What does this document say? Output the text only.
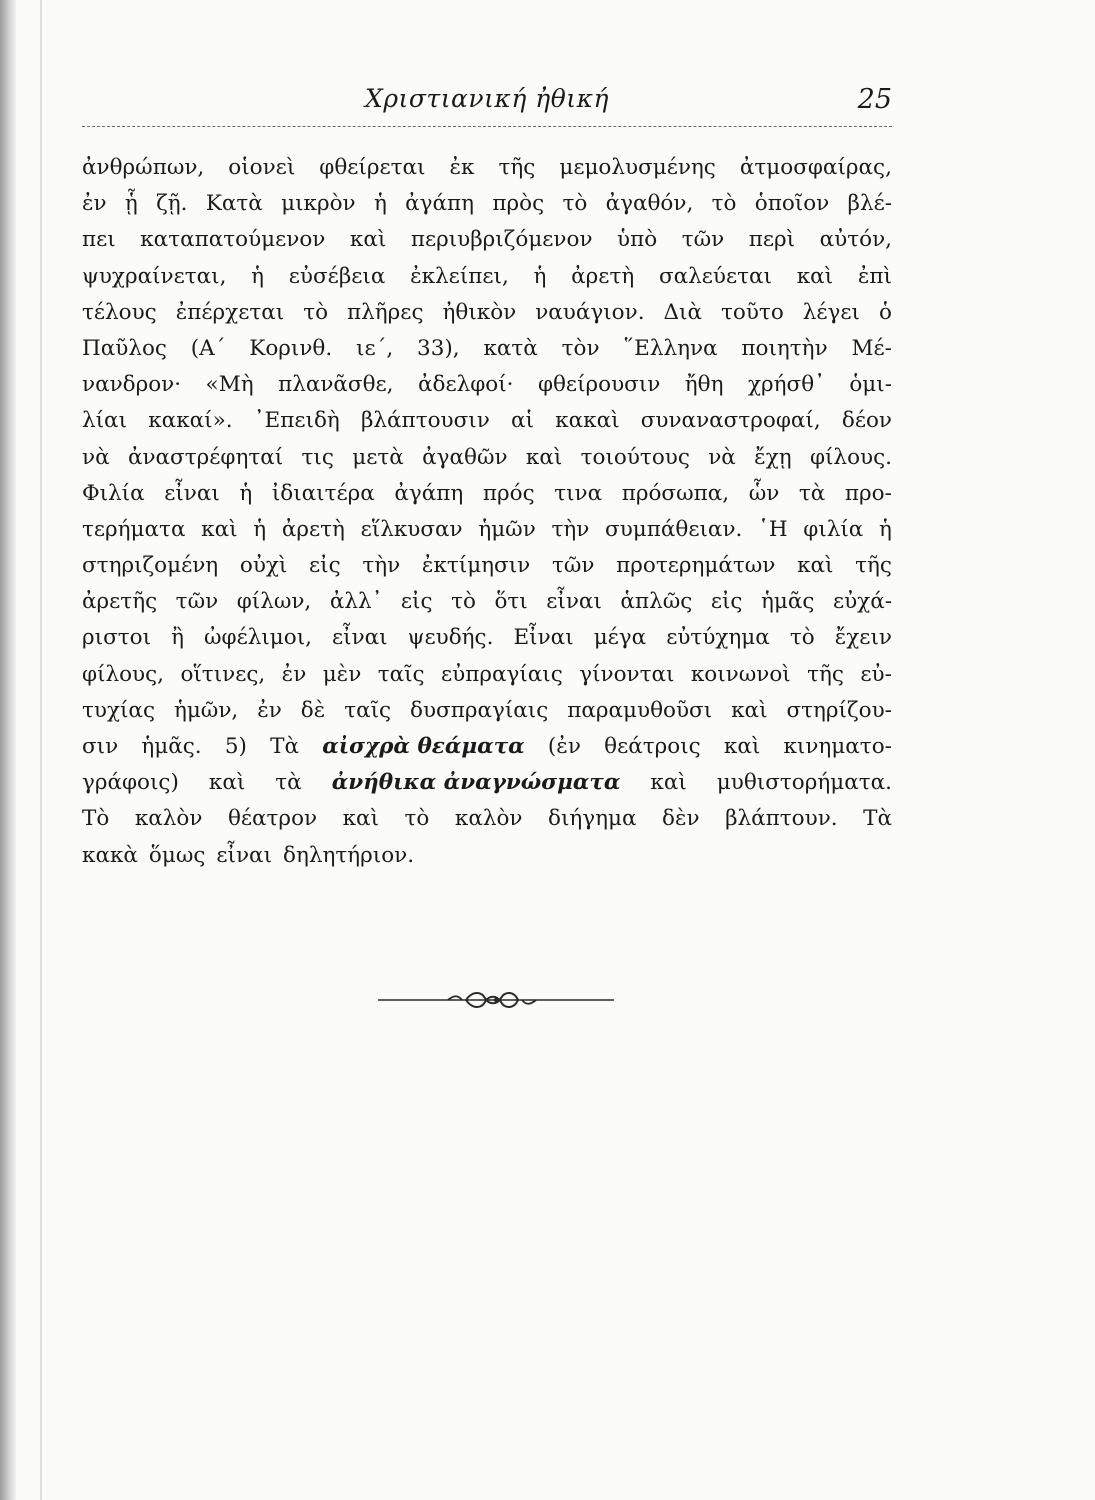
Χριστιανική ἠθική	25
ἀνθρώπων, οἱονεὶ φθείρεται ἐκ τῆς μεμολυσμένης ἀτμοσφαίρας,
ἐν ᾗ ζῇ. Κατὰ μικρὸν ἡ ἀγάπη πρὸς τὸ ἀγαθόν, τὸ ὁποῖον βλέ-
πει καταπατούμενον καὶ περιυβριζόμενον ὑπὸ τῶν περὶ αὐτόν,
ψυχραίνεται, ἡ εὐσέβεια ἐκλείπει, ἡ ἀρετὴ σαλεύεται καὶ ἐπὶ
τέλους ἐπέρχεται τὸ πλῆρες ἠθικὸν ναυάγιον. Διὰ τοῦτο λέγει ὁ
Παῦλος (Α΄ Κορινθ. ιε΄, 33), κατὰ τὸν ῞Ελληνα ποιητὴν Μέ-
νανδρον· «Μὴ πλανᾶσθε, ἀδελφοί· φθείρουσιν ἤθη χρήσθ᾿ ὁμι-
λίαι κακαί». ᾿Επειδὴ βλάπτουσιν αἱ κακαὶ συναναστροφαί, δέον
νὰ ἀναστρέφηταί τις μετὰ ἀγαθῶν καὶ τοιούτους νὰ ἔχῃ φίλους.
Φιλία εἶναι ἡ ἰδιαιτέρα ἀγάπη πρός τινα πρόσωπα, ὧν τὰ προ-
τερήματα καὶ ἡ ἀρετὴ εἵλκυσαν ἡμῶν τὴν συμπάθειαν. ῾Η φιλία ἡ
στηριζομένη οὐχὶ εἰς τὴν ἐκτίμησιν τῶν προτερημάτων καὶ τῆς
ἀρετῆς τῶν φίλων, ἀλλ᾿ εἰς τὸ ὅτι εἶναι ἁπλῶς εἰς ἡμᾶς εὐχά-
ριστοι ἢ ὠφέλιμοι, εἶναι ψευδής. Εἶναι μέγα εὐτύχημα τὸ ἔχειν
φίλους, οἵτινες, ἐν μὲν ταῖς εὐπραγίαις γίνονται κοινωνοὶ τῆς εὐ-
τυχίας ἡμῶν, ἐν δὲ ταῖς δυσπραγίαις παραμυθοῦσι καὶ στηρίζου-
σιν ἡμᾶς. 5) Τὰ αἰσχρὰ θεάματα (ἐν θεάτροις καὶ κινηματο-
γράφοις) καὶ τὰ ἀνήθικα ἀναγνώσματα καὶ μυθιστορήματα.
Τὸ καλὸν θέατρον καὶ τὸ καλὸν διήγημα δὲν βλάπτουν. Τὰ
κακὰ ὅμως εἶναι δηλητήριον.
